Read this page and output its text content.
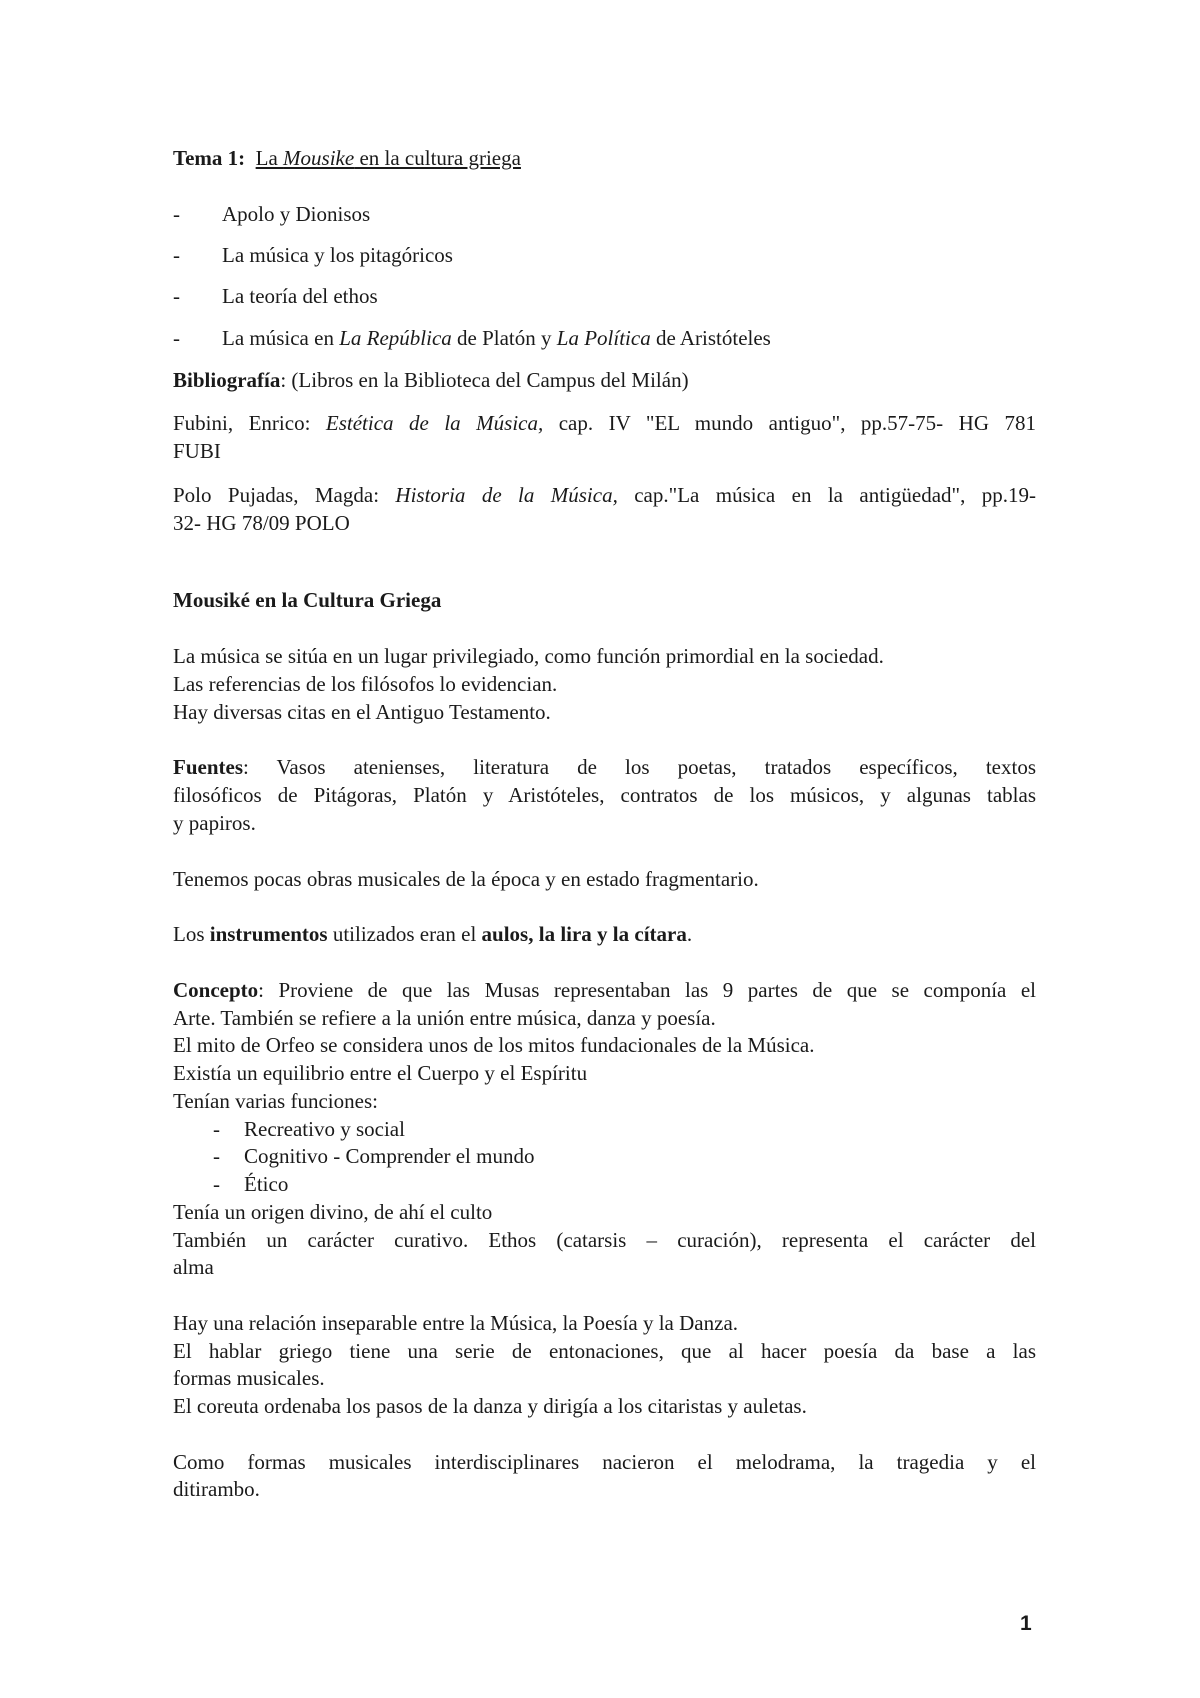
Tema 1: La Mousike en la cultura griega
- Apolo y Dionisos
- La música y los pitagóricos
- La teoría del ethos
- La música en La República de Platón y La Política de Aristóteles
Bibliografía: (Libros en la Biblioteca del Campus del Milán)
Fubini, Enrico: Estética de la Música, cap. IV "EL mundo antiguo", pp.57-75- HG 781
FUBI
Polo Pujadas, Magda: Historia de la Música, cap."La música en la antigüedad", pp.19-
32- HG 78/09 POLO
Mousiké en la Cultura Griega
La música se sitúa en un lugar privilegiado, como función primordial en la sociedad.
Las referencias de los filósofos lo evidencian.
Hay diversas citas en el Antiguo Testamento.
Fuentes: Vasos atenienses, literatura de los poetas, tratados específicos, textos
filosóficos de Pitágoras, Platón y Aristóteles, contratos de los músicos, y algunas tablas
y papiros.
Tenemos pocas obras musicales de la época y en estado fragmentario.
Los instrumentos utilizados eran el aulos, la lira y la cítara.
Concepto: Proviene de que las Musas representaban las 9 partes de que se componía el
Arte. También se refiere a la unión entre música, danza y poesía.
El mito de Orfeo se considera unos de los mitos fundacionales de la Música.
Existía un equilibrio entre el Cuerpo y el Espíritu
Tenían varias funciones:
- Recreativo y social
- Cognitivo - Comprender el mundo
- Ético
Tenía un origen divino, de ahí el culto
También un carácter curativo. Ethos (catarsis – curación), representa el carácter del
alma
Hay una relación inseparable entre la Música, la Poesía y la Danza.
El hablar griego tiene una serie de entonaciones, que al hacer poesía da base a las
formas musicales.
El coreuta ordenaba los pasos de la danza y dirigía a los citaristas y auletas.
Como formas musicales interdisciplinares nacieron el melodrama, la tragedia y el
ditirambo.
1
